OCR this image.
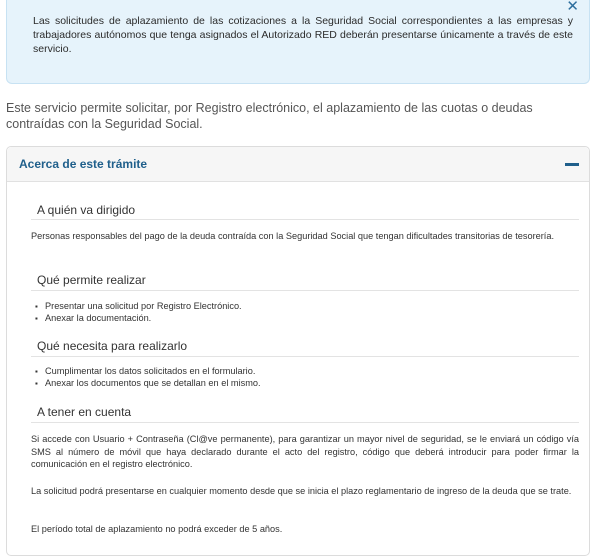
Las solicitudes de aplazamiento de las cotizaciones a la Seguridad Social correspondientes a las empresas y trabajadores autónomos que tenga asignados el Autorizado RED deberán presentarse únicamente a través de este servicio.
✕
Este servicio permite solicitar, por Registro electrónico, el aplazamiento de las cuotas o deudas contraídas con la Seguridad Social.
Acerca de este trámite
A quién va dirigido
Personas responsables del pago de la deuda contraída con la Seguridad Social que tengan dificultades transitorias de tesorería.
Qué permite realizar
▪ Presentar una solicitud por Registro Electrónico.
▪ Anexar la documentación.
Qué necesita para realizarlo
▪ Cumplimentar los datos solicitados en el formulario.
▪ Anexar los documentos que se detallan en el mismo.
A tener en cuenta
Si accede con Usuario + Contraseña (Cl@ve permanente), para garantizar un mayor nivel de seguridad, se le enviará un código vía SMS al número de móvil que haya declarado durante el acto del registro, código que deberá introducir para poder firmar la comunicación en el registro electrónico.
La solicitud podrá presentarse en cualquier momento desde que se inicia el plazo reglamentario de ingreso de la deuda que se trate.
El período total de aplazamiento no podrá exceder de 5 años.
